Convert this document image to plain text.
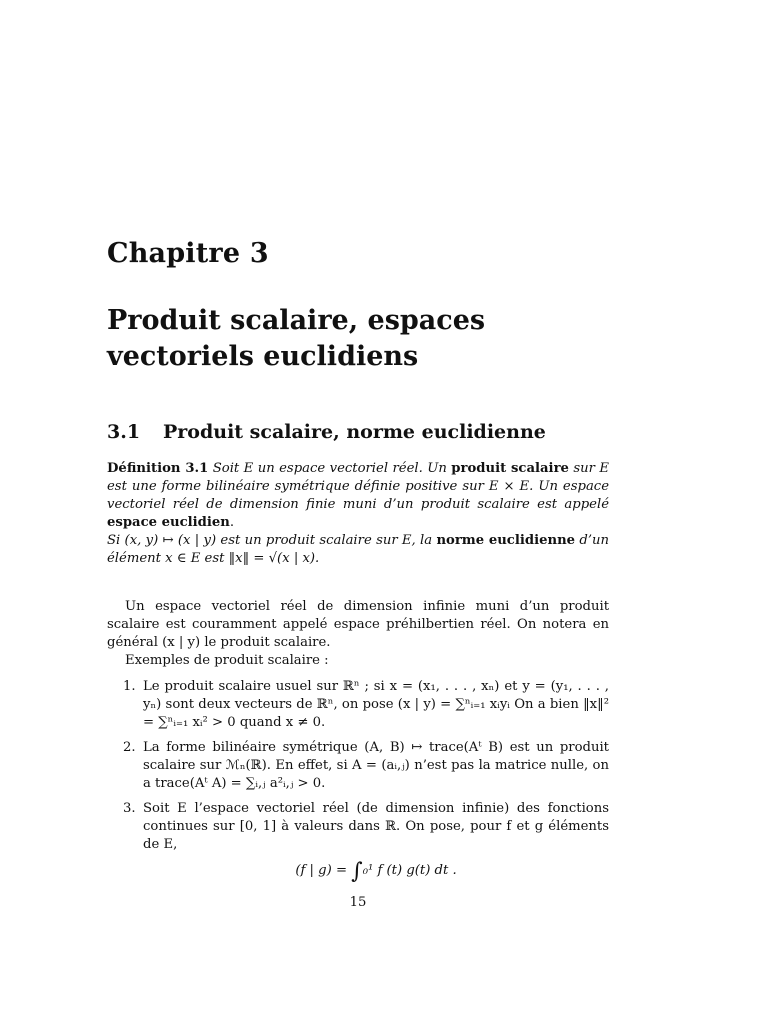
Chapitre 3
Produit scalaire, espaces
vectoriels euclidiens
3.1 Produit scalaire, norme euclidienne

Définition 3.1 Soit E un espace vectoriel réel. Un produit scalaire sur E est une forme bilinéaire symétrique définie positive sur E × E. Un espace vectoriel réel de dimension finie muni d’un produit scalaire est appelé espace euclidien.

Si (x, y) ↦ (x | y) est un produit scalaire sur E, la norme euclidienne d’un élément x ∈ E est ‖x‖ = √(x | x).

Un espace vectoriel réel de dimension infinie muni d’un produit scalaire est couramment appelé espace préhilbertien réel. On notera en général (x | y) le produit scalaire.

Exemples de produit scalaire :

1. Le produit scalaire usuel sur ℝⁿ ; si x = (x₁, . . . , xₙ) et y = (y₁, . . . , yₙ) sont deux vecteurs de ℝⁿ, on pose (x | y) = ∑ⁿᵢ₌₁ xᵢyᵢ On a bien ‖x‖² = ∑ⁿᵢ₌₁ xᵢ² > 0 quand x ≠ 0.
2. La forme bilinéaire symétrique (A, B) ↦ trace(Aᵗ B) est un produit scalaire sur ℳₙ(ℝ). En effet, si A = (aᵢ,ⱼ) n’est pas la matrice nulle, on a trace(Aᵗ A) = ∑ᵢ,ⱼ a²ᵢ,ⱼ > 0.
3. Soit E l’espace vectoriel réel (de dimension infinie) des fonctions continues sur [0, 1] à valeurs dans ℝ. On pose, pour f et g éléments de E,
(f | g) = ∫₀¹ f (t) g(t) dt .
15
